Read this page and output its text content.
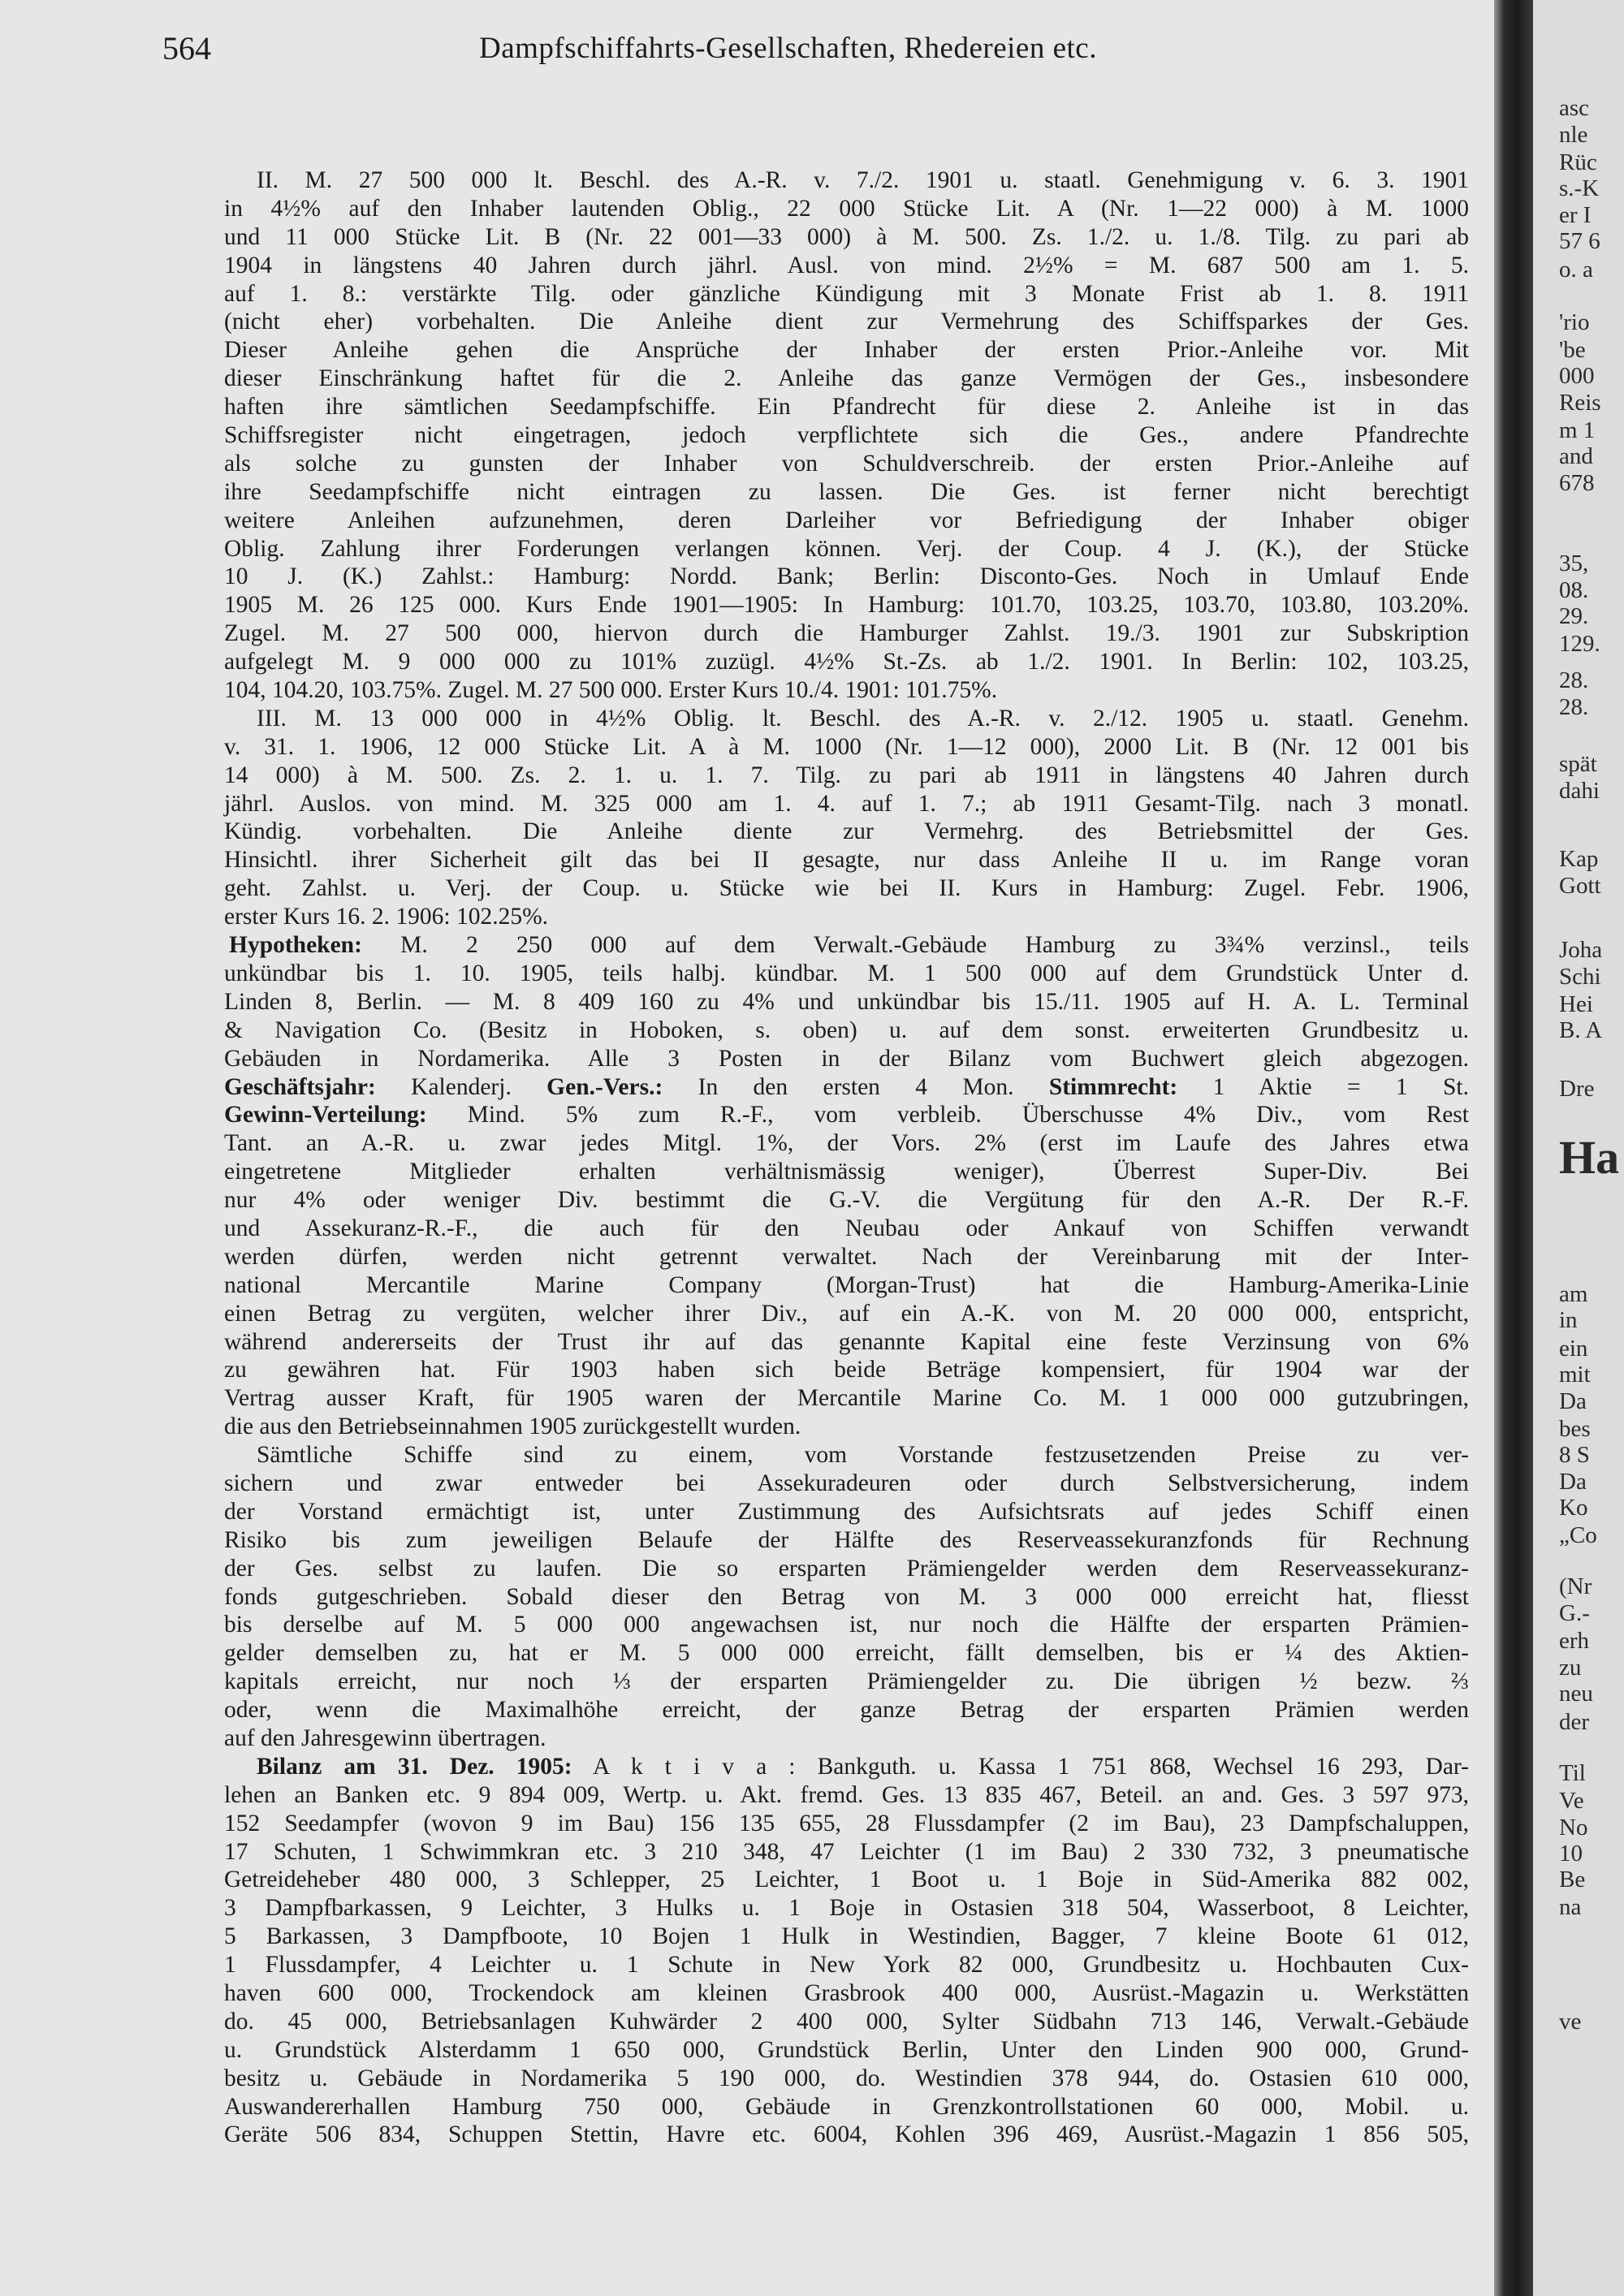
564	Dampfschiffahrts-Gesellschaften, Rhedereien etc.
II. M. 27 500 000 lt. Beschl. des A.-R. v. 7./2. 1901 u. staatl. Genehmigung v. 6. 3. 1901
in 4½% auf den Inhaber lautenden Oblig., 22 000 Stücke Lit. A (Nr. 1—22 000) à M. 1000
und 11 000 Stücke Lit. B (Nr. 22 001—33 000) à M. 500. Zs. 1./2. u. 1./8. Tilg. zu pari ab
1904 in längstens 40 Jahren durch jährl. Ausl. von mind. 2½% = M. 687 500 am 1. 5.
auf 1. 8.: verstärkte Tilg. oder gänzliche Kündigung mit 3 Monate Frist ab 1. 8. 1911
(nicht eher) vorbehalten. Die Anleihe dient zur Vermehrung des Schiffsparkes der Ges.
Dieser Anleihe gehen die Ansprüche der Inhaber der ersten Prior.-Anleihe vor. Mit
dieser Einschränkung haftet für die 2. Anleihe das ganze Vermögen der Ges., insbesondere
haften ihre sämtlichen Seedampfschiffe. Ein Pfandrecht für diese 2. Anleihe ist in das
Schiffsregister nicht eingetragen, jedoch verpflichtete sich die Ges., andere Pfandrechte
als solche zu gunsten der Inhaber von Schuldverschreib. der ersten Prior.-Anleihe auf
ihre Seedampfschiffe nicht eintragen zu lassen. Die Ges. ist ferner nicht berechtigt
weitere Anleihen aufzunehmen, deren Darleiher vor Befriedigung der Inhaber obiger
Oblig. Zahlung ihrer Forderungen verlangen können. Verj. der Coup. 4 J. (K.), der Stücke
10 J. (K.) Zahlst.: Hamburg: Nordd. Bank; Berlin: Disconto-Ges. Noch in Umlauf Ende
1905 M. 26 125 000. Kurs Ende 1901—1905: In Hamburg: 101.70, 103.25, 103.70, 103.80, 103.20%.
Zugel. M. 27 500 000, hiervon durch die Hamburger Zahlst. 19./3. 1901 zur Subskription
aufgelegt M. 9 000 000 zu 101% zuzügl. 4½% St.-Zs. ab 1./2. 1901. In Berlin: 102, 103.25,
104, 104.20, 103.75%. Zugel. M. 27 500 000. Erster Kurs 10./4. 1901: 101.75%.
III. M. 13 000 000 in 4½% Oblig. lt. Beschl. des A.-R. v. 2./12. 1905 u. staatl. Genehm.
v. 31. 1. 1906, 12 000 Stücke Lit. A à M. 1000 (Nr. 1—12 000), 2000 Lit. B (Nr. 12 001 bis
14 000) à M. 500. Zs. 2. 1. u. 1. 7. Tilg. zu pari ab 1911 in längstens 40 Jahren durch
jährl. Auslos. von mind. M. 325 000 am 1. 4. auf 1. 7.; ab 1911 Gesamt-Tilg. nach 3 monatl.
Kündig. vorbehalten. Die Anleihe diente zur Vermehrg. des Betriebsmittel der Ges.
Hinsichtl. ihrer Sicherheit gilt das bei II gesagte, nur dass Anleihe II u. im Range voran
geht. Zahlst. u. Verj. der Coup. u. Stücke wie bei II. Kurs in Hamburg: Zugel. Febr. 1906,
erster Kurs 16. 2. 1906: 102.25%.
Hypotheken: M. 2 250 000 auf dem Verwalt.-Gebäude Hamburg zu 3¾% verzinsl., teils
unkündbar bis 1. 10. 1905, teils halbj. kündbar. M. 1 500 000 auf dem Grundstück Unter d.
Linden 8, Berlin. — M. 8 409 160 zu 4% und unkündbar bis 15./11. 1905 auf H. A. L. Terminal
& Navigation Co. (Besitz in Hoboken, s. oben) u. auf dem sonst. erweiterten Grundbesitz u.
Gebäuden in Nordamerika. Alle 3 Posten in der Bilanz vom Buchwert gleich abgezogen.
Geschäftsjahr: Kalenderj. Gen.-Vers.: In den ersten 4 Mon. Stimmrecht: 1 Aktie = 1 St.
Gewinn-Verteilung: Mind. 5% zum R.-F., vom verbleib. Überschusse 4% Div., vom Rest
Tant. an A.-R. u. zwar jedes Mitgl. 1%, der Vors. 2% (erst im Laufe des Jahres etwa
eingetretene Mitglieder erhalten verhältnismässig weniger), Überrest Super-Div. Bei
nur 4% oder weniger Div. bestimmt die G.-V. die Vergütung für den A.-R. Der R.-F.
und Assekuranz-R.-F., die auch für den Neubau oder Ankauf von Schiffen verwandt
werden dürfen, werden nicht getrennt verwaltet. Nach der Vereinbarung mit der Inter-
national Mercantile Marine Company (Morgan-Trust) hat die Hamburg-Amerika-Linie
einen Betrag zu vergüten, welcher ihrer Div., auf ein A.-K. von M. 20 000 000, entspricht,
während andererseits der Trust ihr auf das genannte Kapital eine feste Verzinsung von 6%
zu gewähren hat. Für 1903 haben sich beide Beträge kompensiert, für 1904 war der
Vertrag ausser Kraft, für 1905 waren der Mercantile Marine Co. M. 1 000 000 gutzubringen,
die aus den Betriebseinnahmen 1905 zurückgestellt wurden.
Sämtliche Schiffe sind zu einem, vom Vorstande festzusetzenden Preise zu ver-
sichern und zwar entweder bei Assekuradeuren oder durch Selbstversicherung, indem
der Vorstand ermächtigt ist, unter Zustimmung des Aufsichtsrats auf jedes Schiff einen
Risiko bis zum jeweiligen Belaufe der Hälfte des Reserveassekuranzfonds für Rechnung
der Ges. selbst zu laufen. Die so ersparten Prämiengelder werden dem Reserveassekuranz-
fonds gutgeschrieben. Sobald dieser den Betrag von M. 3 000 000 erreicht hat, fliesst
bis derselbe auf M. 5 000 000 angewachsen ist, nur noch die Hälfte der ersparten Prämien-
gelder demselben zu, hat er M. 5 000 000 erreicht, fällt demselben, bis er ¼ des Aktien-
kapitals erreicht, nur noch ⅓ der ersparten Prämiengelder zu. Die übrigen ½ bezw. ⅔
oder, wenn die Maximalhöhe erreicht, der ganze Betrag der ersparten Prämien werden
auf den Jahresgewinn übertragen.
Bilanz am 31. Dez. 1905: A k t i v a : Bankguth. u. Kassa 1 751 868, Wechsel 16 293, Dar-
lehen an Banken etc. 9 894 009, Wertp. u. Akt. fremd. Ges. 13 835 467, Beteil. an and. Ges. 3 597 973,
152 Seedampfer (wovon 9 im Bau) 156 135 655, 28 Flussdampfer (2 im Bau), 23 Dampfschaluppen,
17 Schuten, 1 Schwimmkran etc. 3 210 348, 47 Leichter (1 im Bau) 2 330 732, 3 pneumatische
Getreideheber 480 000, 3 Schlepper, 25 Leichter, 1 Boot u. 1 Boje in Süd-Amerika 882 002,
3 Dampfbarkassen, 9 Leichter, 3 Hulks u. 1 Boje in Ostasien 318 504, Wasserboot, 8 Leichter,
5 Barkassen, 3 Dampfboote, 10 Bojen 1 Hulk in Westindien, Bagger, 7 kleine Boote 61 012,
1 Flussdampfer, 4 Leichter u. 1 Schute in New York 82 000, Grundbesitz u. Hochbauten Cux-
haven 600 000, Trockendock am kleinen Grasbrook 400 000, Ausrüst.-Magazin u. Werkstätten
do. 45 000, Betriebsanlagen Kuhwärder 2 400 000, Sylter Südbahn 713 146, Verwalt.-Gebäude
u. Grundstück Alsterdamm 1 650 000, Grundstück Berlin, Unter den Linden 900 000, Grund-
besitz u. Gebäude in Nordamerika 5 190 000, do. Westindien 378 944, do. Ostasien 610 000,
Auswandererhallen Hamburg 750 000, Gebäude in Grenzkontrollstationen 60 000, Mobil. u.
Geräte 506 834, Schuppen Stettin, Havre etc. 6004, Kohlen 396 469, Ausrüst.-Magazin 1 856 505,
asc
nle
Rüc
s.-K
er I
57 6
o. a
'rio
'be
000
Reis
m 1
and
678
35,
08.
29.
129.
28.
28.
spät
dahi
Kap
Gott
Joha
Schi
Hei
B. A
Dre
Ha
am
in
ein
mit
Da
bes
8 S
Da
Ko
„Co
(Nr
G.-
erh
zu
neu
der
Til
Ve
No
10
Be
na
ve
